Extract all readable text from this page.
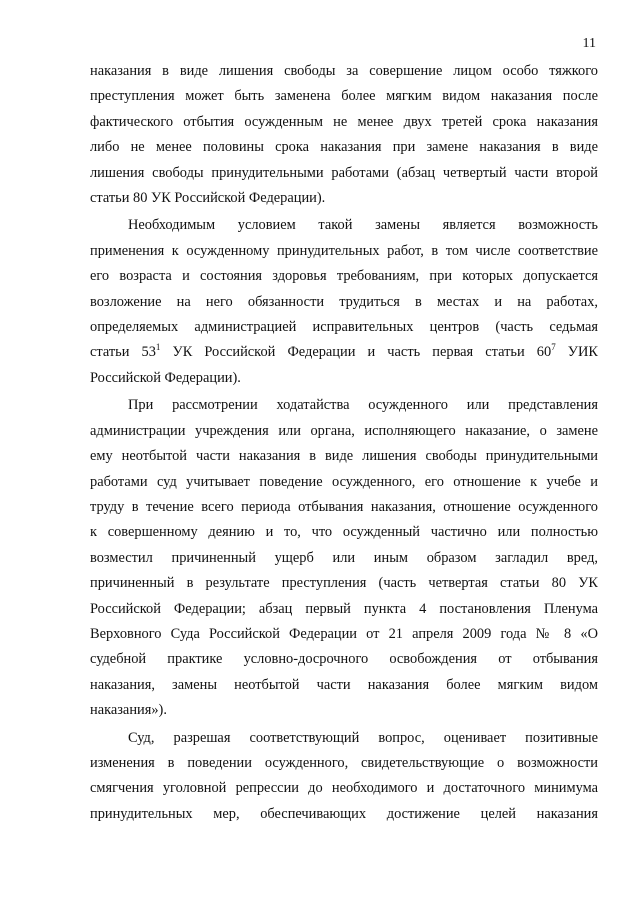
11

наказания в виде лишения свободы за совершение лицом особо тяжкого
преступления может быть заменена более мягким видом наказания после
фактического отбытия осужденным не менее двух третей срока наказания
либо не менее половины срока наказания при замене наказания в виде
лишения свободы принудительными работами (абзац четвертый части второй
статьи 80 УК Российской Федерации).

Необходимым условием такой замены является возможность
применения к осужденному принудительных работ, в том числе соответствие
его возраста и состояния здоровья требованиям, при которых допускается
возложение на него обязанности трудиться в местах и на работах,
определяемых администрацией исправительных центров (часть седьмая
статьи $53^1$ УК Российской Федерации и часть первая статьи $60^7$ УИК
Российской Федерации).

При рассмотрении ходатайства осужденного или представления
администрации учреждения или органа, исполняющего наказание, о замене
ему неотбытой части наказания в виде лишения свободы принудительными
работами суд учитывает поведение осужденного, его отношение к учебе и
труду в течение всего периода отбывания наказания, отношение осужденного
к совершенному деянию и то, что осужденный частично или полностью
возместил причиненный ущерб или иным образом загладил вред,
причиненный в результате преступления (часть четвертая статьи 80 УК
Российской Федерации; абзац первый пункта 4 постановления Пленума
Верховного Суда Российской Федерации от 21 апреля 2009 года № 8 «О
судебной практике условно-досрочного освобождения от отбывания
наказания, замены неотбытой части наказания более мягким видом
наказания»).

Суд, разрешая соответствующий вопрос, оценивает позитивные
изменения в поведении осужденного, свидетельствующие о возможности
смягчения уголовной репрессии до необходимого и достаточного минимума
принудительных мер, обеспечивающих достижение целей наказания
